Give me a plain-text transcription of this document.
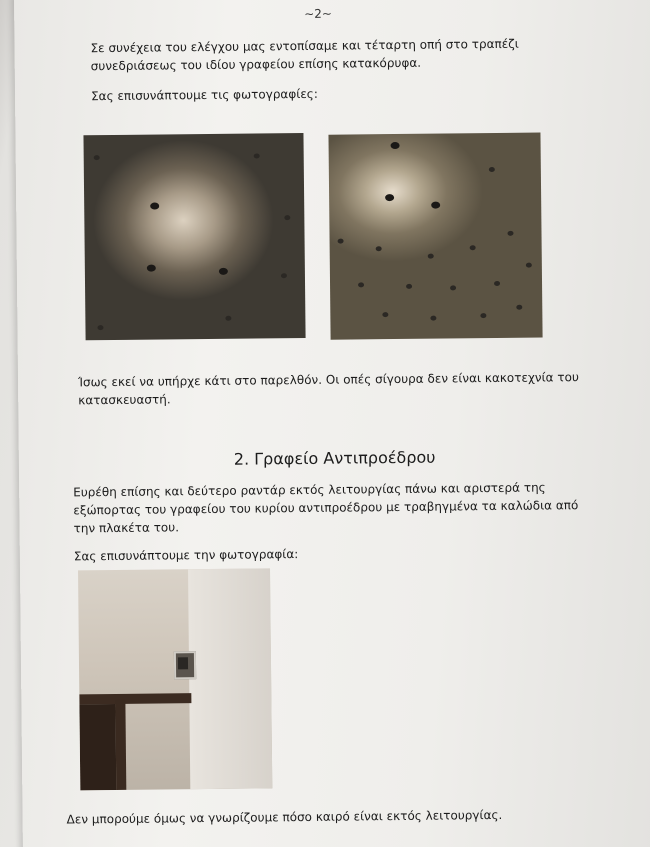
~2~
Σε συνέχεια του ελέγχου μας εντοπίσαμε και τέταρτη οπή στο τραπέζι
συνεδριάσεως του ιδίου γραφείου επίσης κατακόρυφα.
Σας επισυνάπτουμε τις φωτογραφίες:
Ίσως εκεί να υπήρχε κάτι στο παρελθόν. Οι οπές σίγουρα δεν είναι κακοτεχνία του
κατασκευαστή.
2. Γραφείο Αντιπροέδρου
Ευρέθη επίσης και δεύτερο ραντάρ εκτός λειτουργίας πάνω και αριστερά της
εξώπορτας του γραφείου του κυρίου αντιπροέδρου με τραβηγμένα τα καλώδια από
την πλακέτα του.
Σας επισυνάπτουμε την φωτογραφία:
Δεν μπορούμε όμως να γνωρίζουμε πόσο καιρό είναι εκτός λειτουργίας.
